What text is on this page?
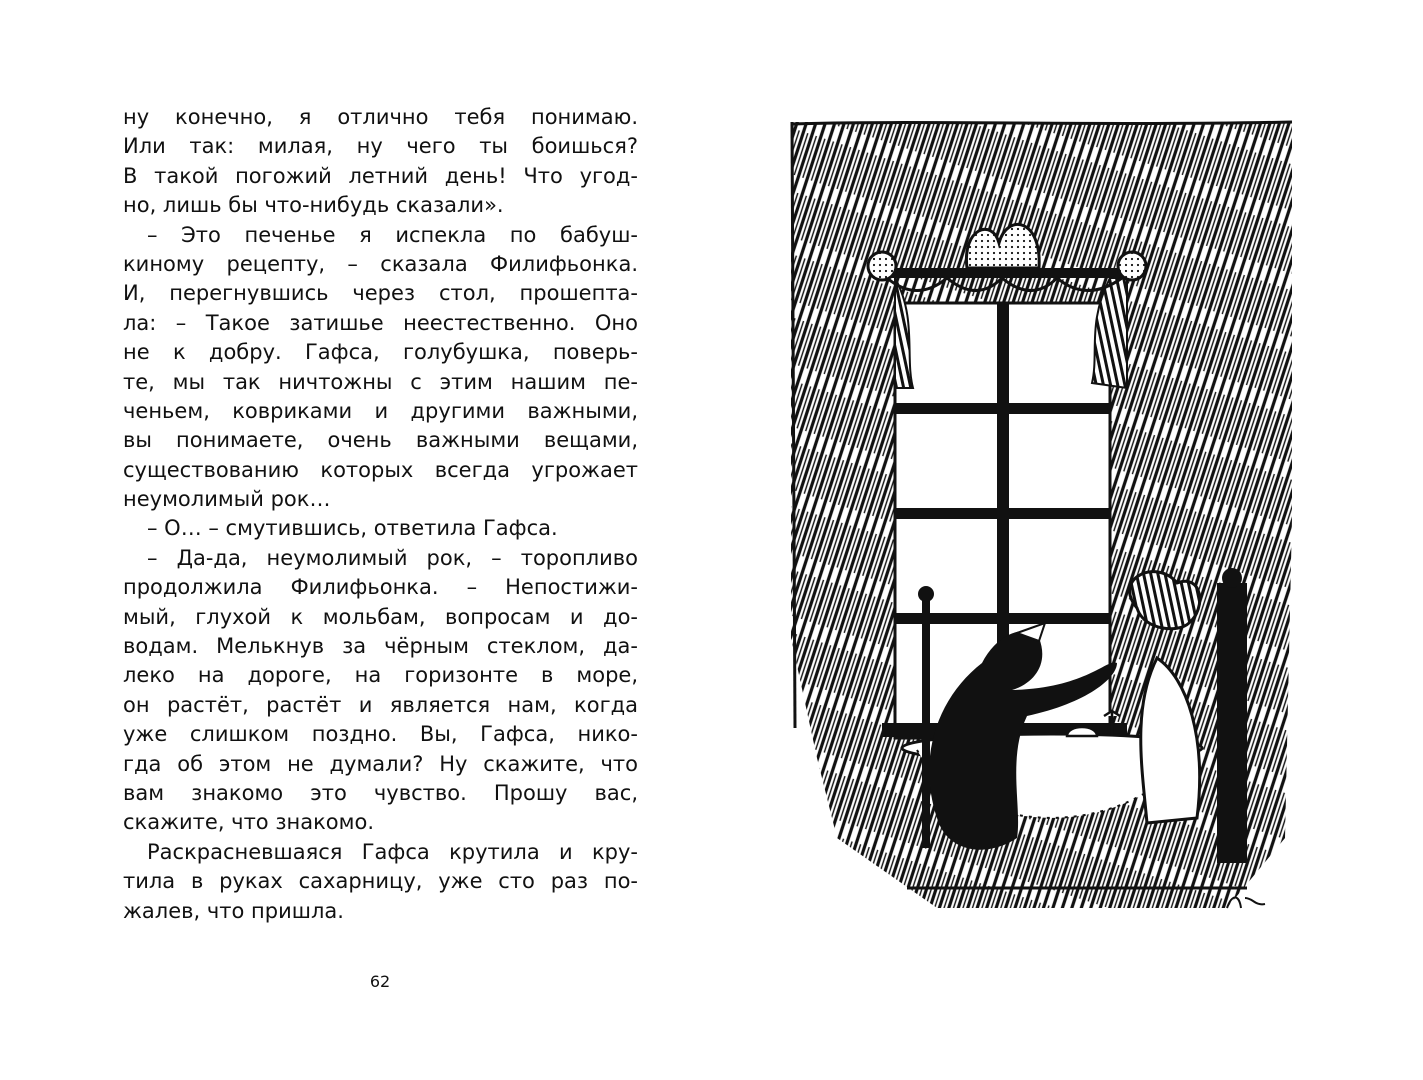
ну конечно, я отлично тебя понимаю.
Или так: милая, ну чего ты боишься?
В такой погожий летний день! Что угод-
но, лишь бы что-нибудь сказали».
– Это печенье я испекла по бабуш-
киному рецепту, – сказала Филифьонка.
И, перегнувшись через стол, прошепта-
ла: – Такое затишье неестественно. Оно
не к добру. Гафса, голубушка, поверь-
те, мы так ничтожны с этим нашим пе-
ченьем, ковриками и другими важными,
вы понимаете, очень важными вещами,
существованию которых всегда угрожает
неумолимый рок…
– О… – смутившись, ответила Гафса.
– Да-да, неумолимый рок, – торопливо
продолжила Филифьонка. – Непостижи-
мый, глухой к мольбам, вопросам и до-
водам. Мелькнув за чёрным стеклом, да-
леко на дороге, на горизонте в море,
он растёт, растёт и является нам, когда
уже слишком поздно. Вы, Гафса, нико-
гда об этом не думали? Ну скажите, что
вам знакомо это чувство. Прошу вас,
скажите, что знакомо.
Раскрасневшаяся Гафса крутила и кру-
тила в руках сахарницу, уже сто раз по-
жалев, что пришла.
62
